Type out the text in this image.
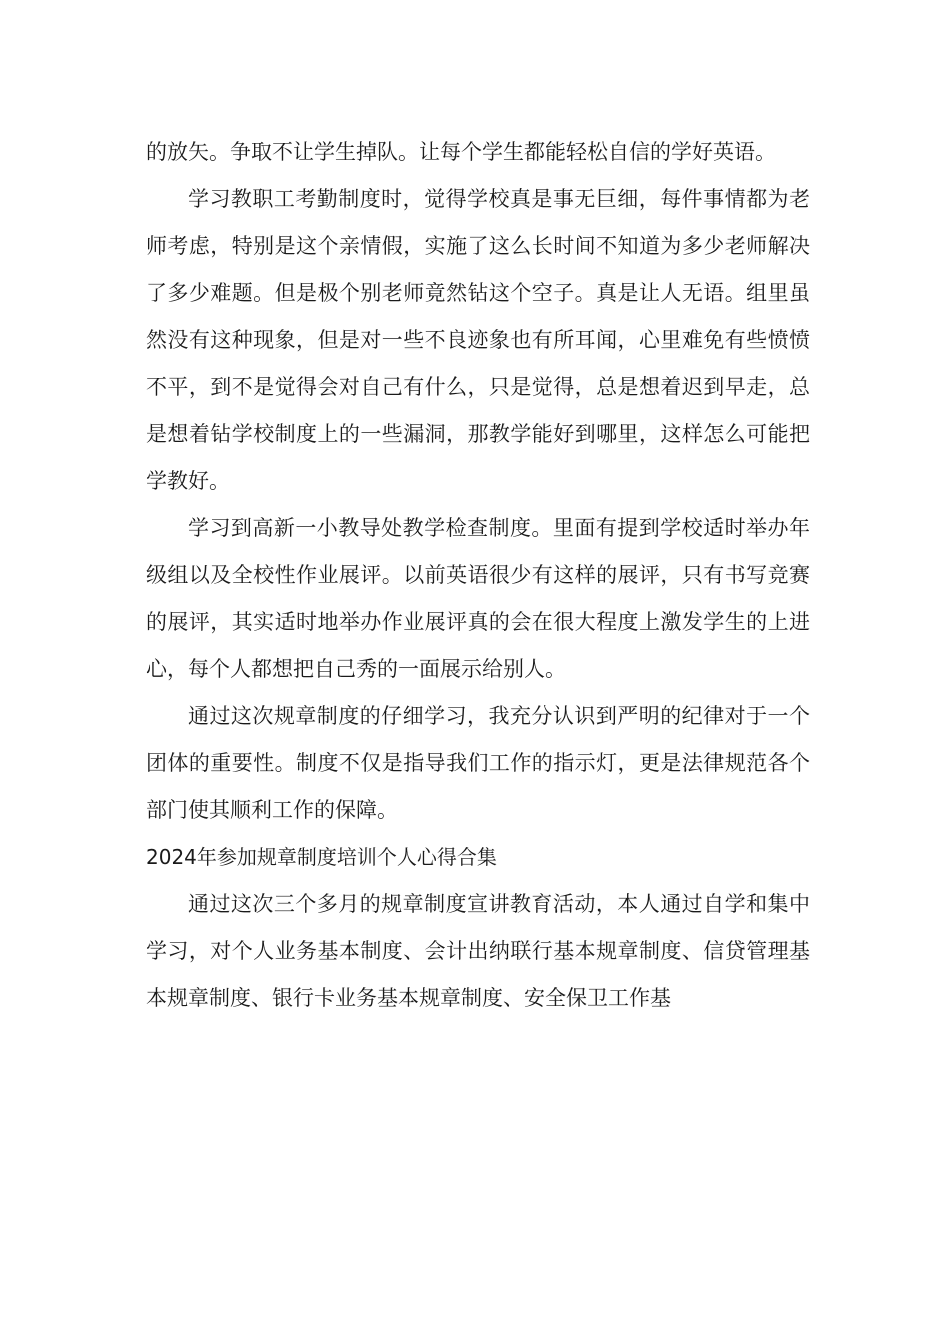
的放矢。争取不让学生掉队。让每个学生都能轻松自信的学好英语。

学习教职工考勤制度时，觉得学校真是事无巨细，每件事情都为老师考虑，特别是这个亲情假，实施了这么长时间不知道为多少老师解决了多少难题。但是极个别老师竟然钻这个空子。真是让人无语。组里虽然没有这种现象，但是对一些不良迹象也有所耳闻，心里难免有些愤愤不平，到不是觉得会对自己有什么，只是觉得，总是想着迟到早走，总是想着钻学校制度上的一些漏洞，那教学能好到哪里，这样怎么可能把学教好。

学习到高新一小教导处教学检查制度。里面有提到学校适时举办年级组以及全校性作业展评。以前英语很少有这样的展评，只有书写竞赛的展评，其实适时地举办作业展评真的会在很大程度上激发学生的上进心，每个人都想把自己秀的一面展示给别人。

通过这次规章制度的仔细学习，我充分认识到严明的纪律对于一个团体的重要性。制度不仅是指导我们工作的指示灯，更是法律规范各个部门使其顺利工作的保障。

2024年参加规章制度培训个人心得合集

通过这次三个多月的规章制度宣讲教育活动，本人通过自学和集中学习，对个人业务基本制度、会计出纳联行基本规章制度、信贷管理基本规章制度、银行卡业务基本规章制度、安全保卫工作基
